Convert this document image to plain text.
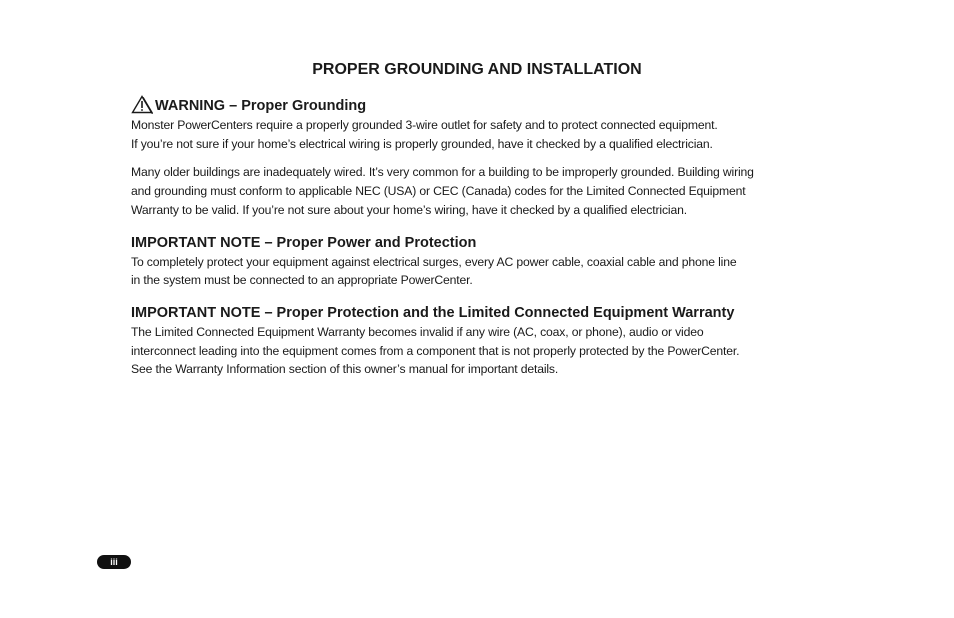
PROPER GROUNDING AND INSTALLATION
WARNING – Proper Grounding

Monster PowerCenters require a properly grounded 3-wire outlet for safety and to protect connected equipment.
If you’re not sure if your home’s electrical wiring is properly grounded, have it checked by a qualified electrician.

Many older buildings are inadequately wired. It’s very common for a building to be improperly grounded. Building wiring
and grounding must conform to applicable NEC (USA) or CEC (Canada) codes for the Limited Connected Equipment
Warranty to be valid. If you’re not sure about your home’s wiring, have it checked by a qualified electrician.

IMPORTANT NOTE – Proper Power and Protection

To completely protect your equipment against electrical surges, every AC power cable, coaxial cable and phone line
in the system must be connected to an appropriate PowerCenter.

IMPORTANT NOTE – Proper Protection and the Limited Connected Equipment Warranty

The Limited Connected Equipment Warranty becomes invalid if any wire (AC, coax, or phone), audio or video
interconnect leading into the equipment comes from a component that is not properly protected by the PowerCenter.
See the Warranty Information section of this owner’s manual for important details.

iii
